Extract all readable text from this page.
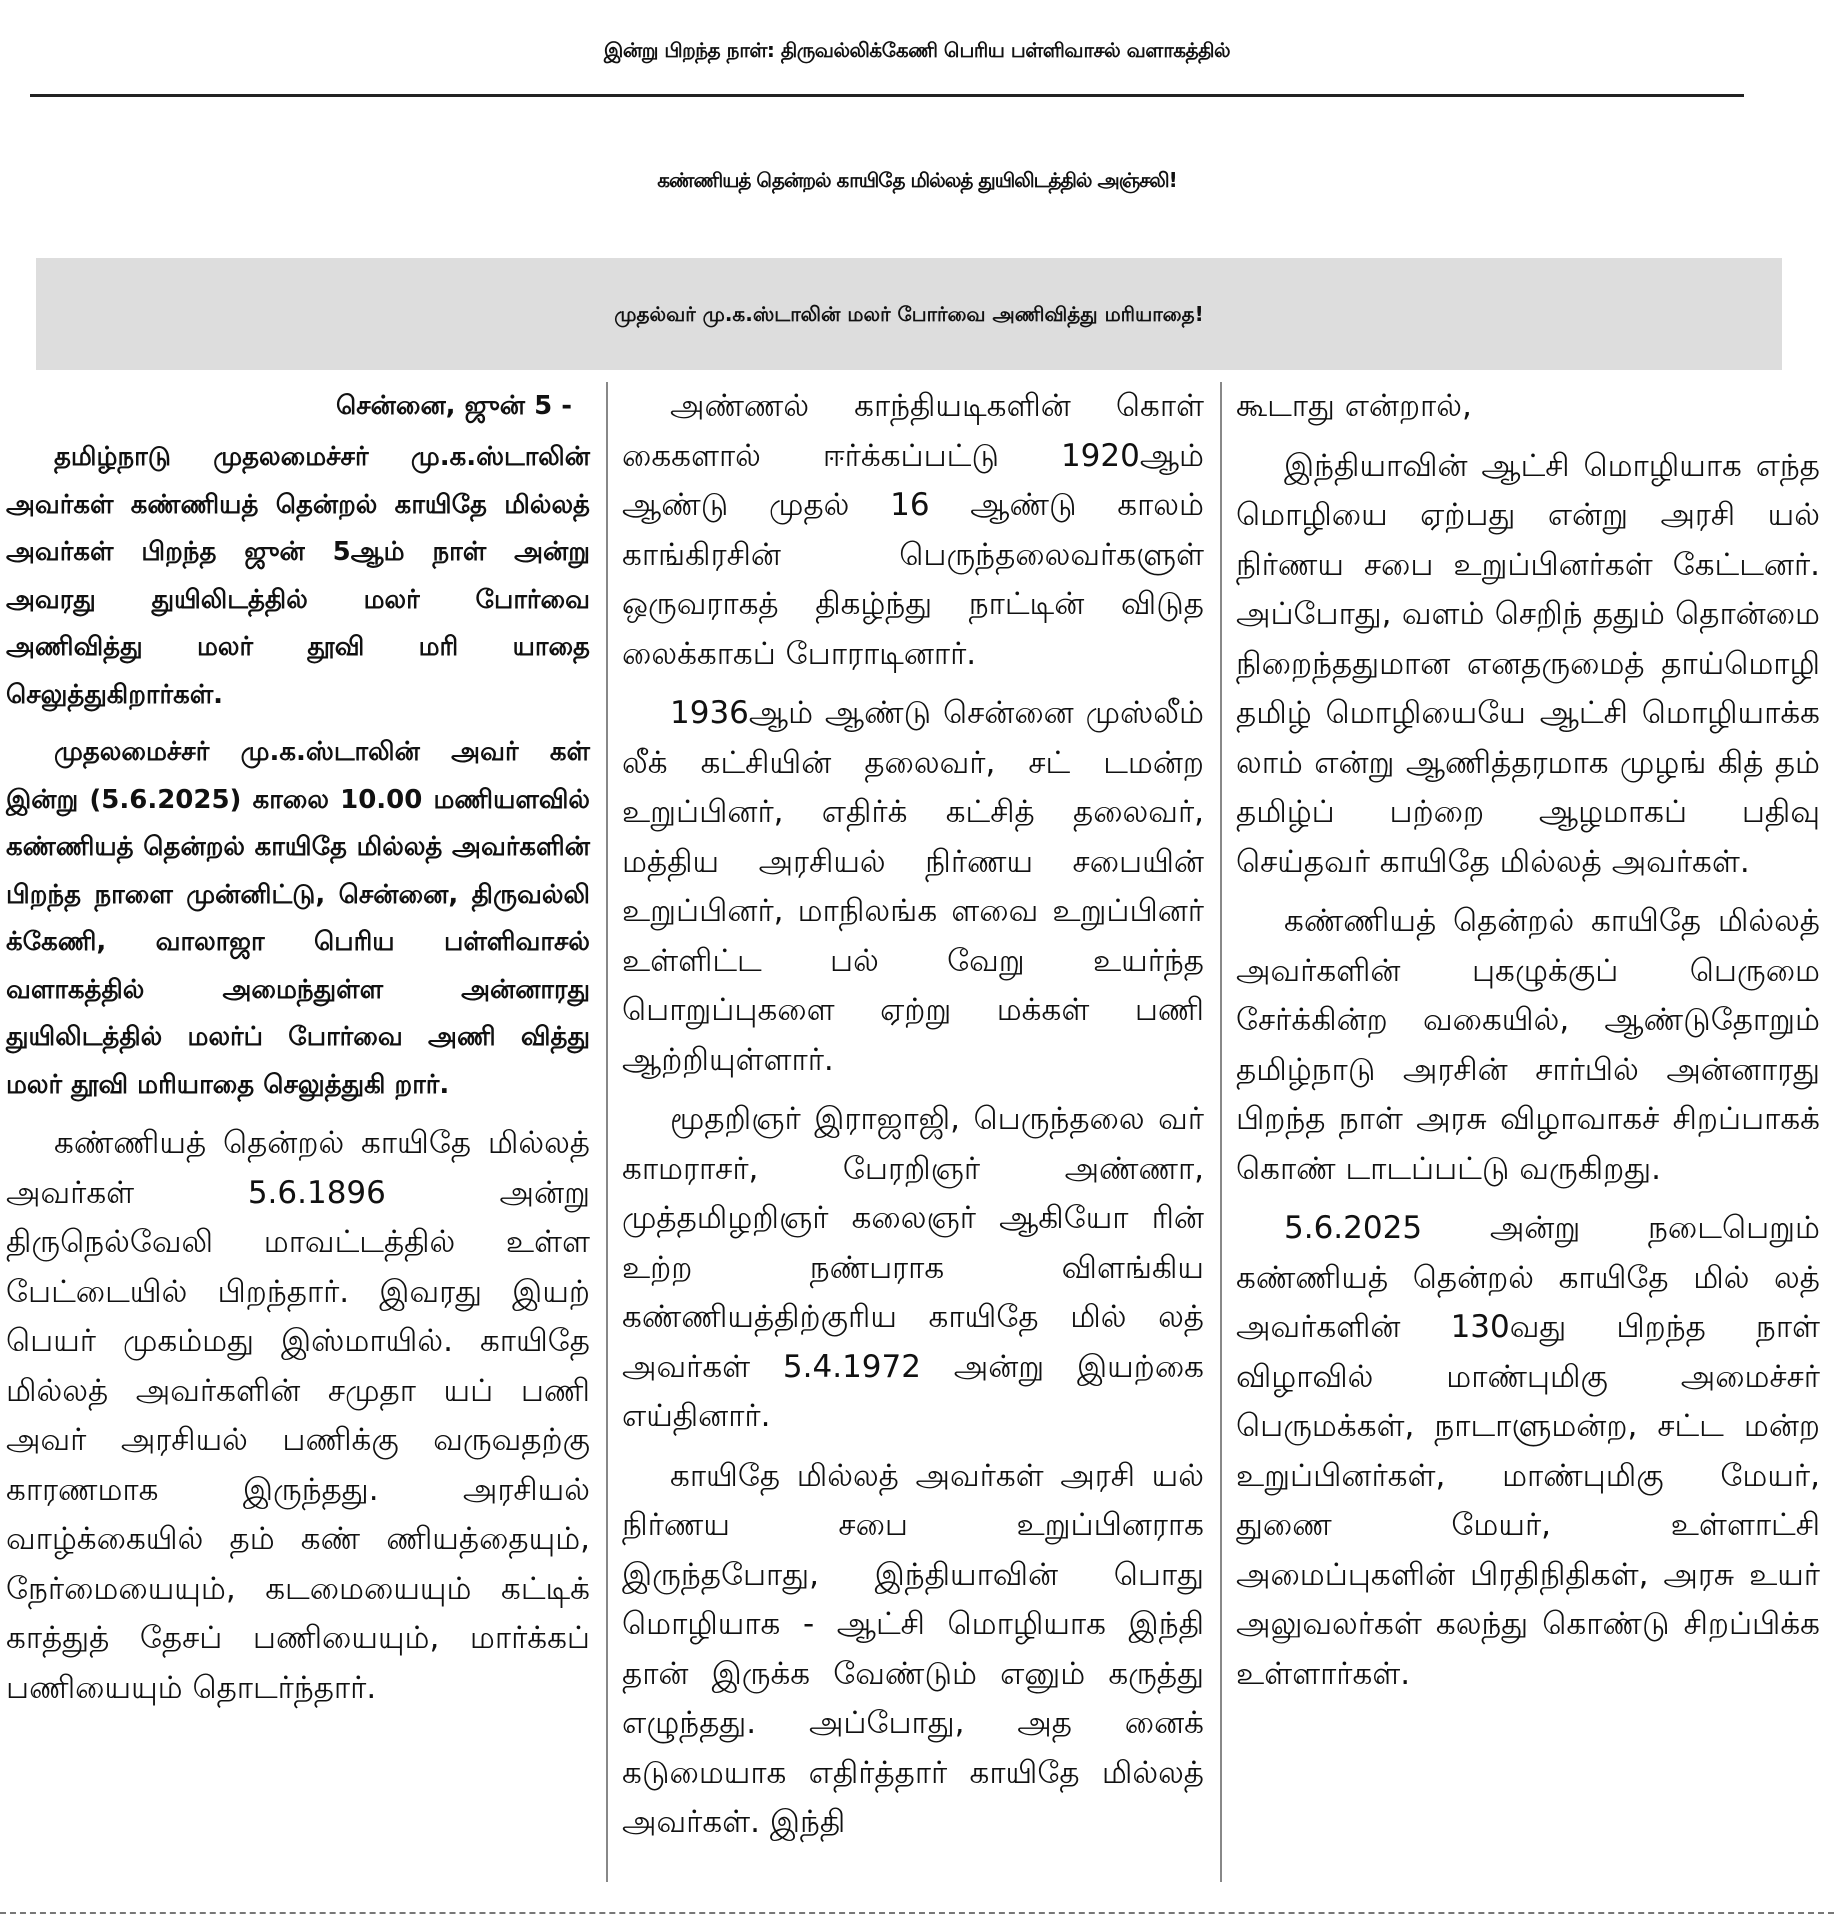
இன்று பிறந்த நாள்: திருவல்லிக்கேணி பெரிய பள்ளிவாசல் வளாகத்தில்
கண்ணியத் தென்றல் காயிதே மில்லத் துயிலிடத்தில் அஞ்சலி!
முதல்வர் மு.க.ஸ்டாலின் மலர் போர்வை அணிவித்து மரியாதை!
சென்னை, ஜுன் 5 -

தமிழ்நாடு முதலமைச்சர் மு.க.ஸ்டாலின் அவர்கள் கண்ணியத் தென்றல் காயிதே மில்லத் அவர்கள் பிறந்த ஜுன் 5ஆம் நாள் அன்று அவரது துயிலிடத்தில் மலர் போர்வை அணிவித்து மலர் தூவி மரி யாதை செலுத்துகிறார்கள்.

முதலமைச்சர் மு.க.ஸ்டாலின் அவர் கள் இன்று (5.6.2025) காலை 10.00 மணியளவில் கண்ணியத் தென்றல் காயிதே மில்லத் அவர்களின் பிறந்த நாளை முன்னிட்டு, சென்னை, திருவல்லி க்கேணி, வாலாஜா பெரிய பள்ளிவாசல் வளாகத்தில் அமைந்துள்ள அன்னாரது துயிலிடத்தில் மலர்ப் போர்வை அணி வித்து மலர் தூவி மரியாதை செலுத்துகி றார்.

கண்ணியத் தென்றல் காயிதே மில்லத் அவர்கள் 5.6.1896 அன்று திருநெல்வேலி மாவட்டத்தில் உள்ள பேட்டையில் பிறந்தார். இவரது இயற் பெயர் முகம்மது இஸ்மாயில். காயிதே மில்லத் அவர்களின் சமுதா யப் பணி அவர் அரசியல் பணிக்கு வருவதற்கு காரணமாக இருந்தது. அரசியல் வாழ்க்கையில் தம் கண் ணியத்தையும், நேர்மையையும், கடமையையும் கட்டிக் காத்துத் தேசப் பணியையும், மார்க்கப் பணியையும் தொடர்ந்தார்.

அண்ணல் காந்தியடிகளின் கொள் கைகளால் ஈர்க்கப்பட்டு 1920ஆம் ஆண்டு முதல் 16 ஆண்டு காலம் காங்கிரசின் பெருந்தலைவர்களுள் ஒருவராகத் திகழ்ந்து நாட்டின் விடுத லைக்காகப் போராடினார்.

1936ஆம் ஆண்டு சென்னை முஸ்லீம் லீக் கட்சியின் தலைவர், சட் டமன்ற உறுப்பினர், எதிர்க் கட்சித் தலைவர், மத்திய அரசியல் நிர்ணய சபையின் உறுப்பினர், மாநிலங்க ளவை உறுப்பினர் உள்ளிட்ட பல் வேறு உயர்ந்த பொறுப்புகளை ஏற்று மக்கள் பணி ஆற்றியுள்ளார்.

மூதறிஞர் இராஜாஜி, பெருந்தலை வர் காமராசர், பேரறிஞர் அண்ணா, முத்தமிழறிஞர் கலைஞர் ஆகியோ ரின் உற்ற நண்பராக விளங்கிய கண்ணியத்திற்குரிய காயிதே மில் லத் அவர்கள் 5.4.1972 அன்று இயற்கை எய்தினார்.

காயிதே மில்லத் அவர்கள் அரசி யல் நிர்ணய சபை உறுப்பினராக இருந்தபோது, இந்தியாவின் பொது மொழியாக - ஆட்சி மொழியாக இந்தி தான் இருக்க வேண்டும் எனும் கருத்து எழுந்தது. அப்போது, அத னைக் கடுமையாக எதிர்த்தார் காயிதே மில்லத் அவர்கள். இந்தி

கூடாது என்றால்,

இந்தியாவின் ஆட்சி மொழியாக எந்த மொழியை ஏற்பது என்று அரசி யல் நிர்ணய சபை உறுப்பினர்கள் கேட்டனர். அப்போது, வளம் செறிந் ததும் தொன்மை நிறைந்ததுமான எனதருமைத் தாய்மொழி தமிழ் மொழியையே ஆட்சி மொழியாக்க லாம் என்று ஆணித்தரமாக முழங் கித் தம் தமிழ்ப் பற்றை ஆழமாகப் பதிவு செய்தவர் காயிதே மில்லத் அவர்கள்.

கண்ணியத் தென்றல் காயிதே மில்லத் அவர்களின் புகழுக்குப் பெருமை சேர்க்கின்ற வகையில், ஆண்டுதோறும் தமிழ்நாடு அரசின் சார்பில் அன்னாரது பிறந்த நாள் அரசு விழாவாகச் சிறப்பாகக் கொண் டாடப்பட்டு வருகிறது.

5.6.2025 அன்று நடைபெறும் கண்ணியத் தென்றல் காயிதே மில் லத் அவர்களின் 130வது பிறந்த நாள் விழாவில் மாண்புமிகு அமைச்சர் பெருமக்கள், நாடாளுமன்ற, சட்ட மன்ற உறுப்பினர்கள், மாண்புமிகு மேயர், துணை மேயர், உள்ளாட்சி அமைப்புகளின் பிரதிநிதிகள், அரசு உயர் அலுவலர்கள் கலந்து கொண்டு சிறப்பிக்க உள்ளார்கள்.
